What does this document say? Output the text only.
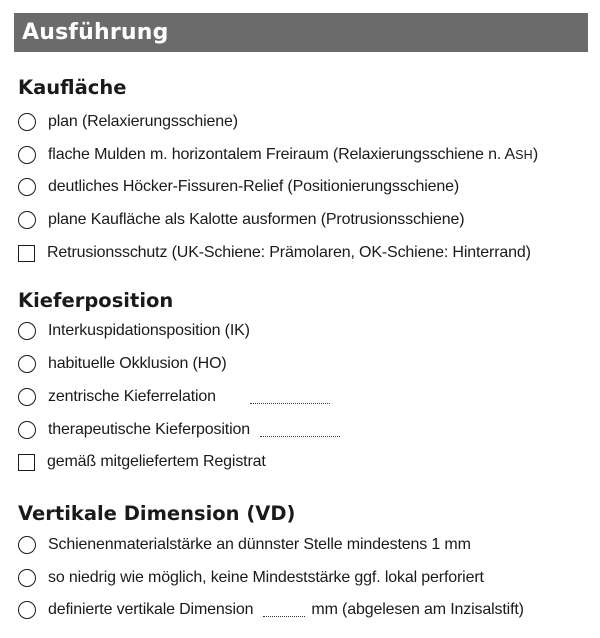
Ausführung
Kaufläche
plan (Relaxierungsschiene)
flache Mulden m. horizontalem Freiraum (Relaxierungsschiene n. ASH)
deutliches Höcker-Fissuren-Relief (Positionierungsschiene)
plane Kaufläche als Kalotte ausformen (Protrusionsschiene)
Retrusionsschutz (UK-Schiene: Prämolaren, OK-Schiene: Hinterrand)
Kieferposition
Interkuspidationsposition (IK)
habituelle Okklusion (HO)
zentrische Kieferrelation
therapeutische Kieferposition
gemäß mitgeliefertem Registrat
Vertikale Dimension (VD)
Schienenmaterialstärke an dünnster Stelle mindestens 1 mm
so niedrig wie möglich, keine Mindeststärke ggf. lokal perforiert
definierte vertikale Dimension	mm (abgelesen am Inzisalstift)
